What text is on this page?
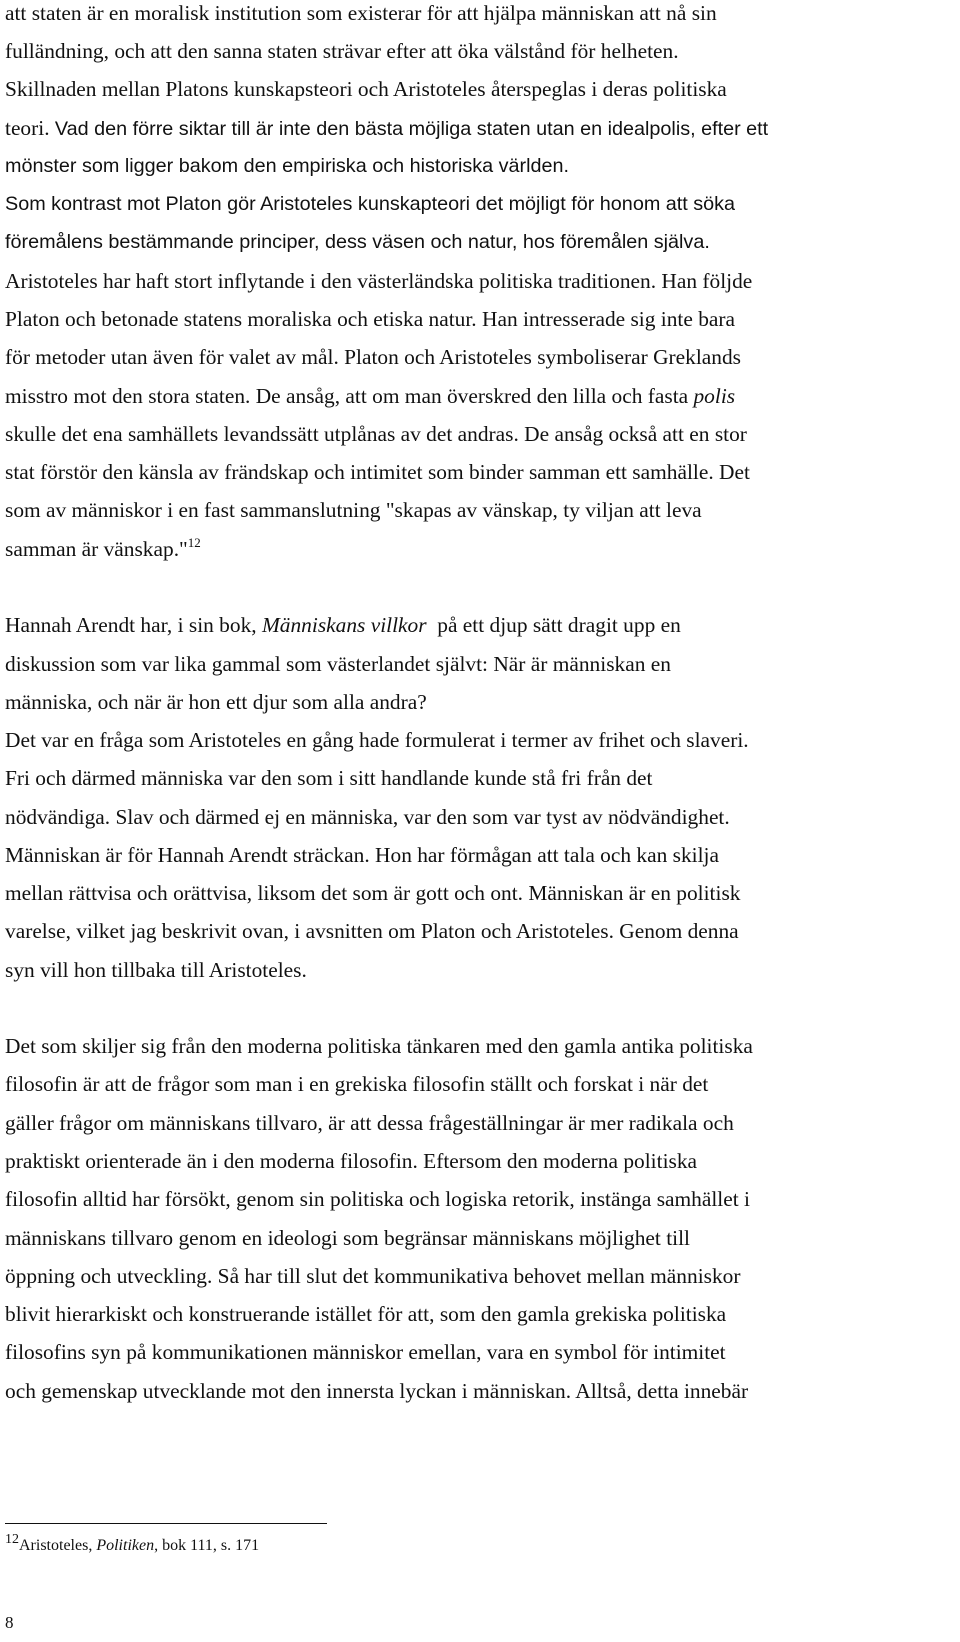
att staten är en moralisk institution som existerar för att hjälpa människan att nå sin
fulländning, och att den sanna staten strävar efter att öka välstånd för helheten.
Skillnaden mellan Platons kunskapsteori och Aristoteles återspeglas i deras politiska
teori. Vad den förre siktar till är inte den bästa möjliga staten utan en idealpolis, efter ett
mönster som ligger bakom den empiriska och historiska världen.
Som kontrast mot Platon gör Aristoteles kunskapteori det möjligt för honom att söka
föremålens bestämmande principer, dess väsen och natur, hos föremålen själva.
Aristoteles har haft stort inflytande i den västerländska politiska traditionen. Han följde
Platon och betonade statens moraliska och etiska natur. Han intresserade sig inte bara
för metoder utan även för valet av mål. Platon och Aristoteles symboliserar Greklands
misstro mot den stora staten. De ansåg, att om man överskred den lilla och fasta polis
skulle det ena samhällets levandssätt utplånas av det andras. De ansåg också att en stor
stat förstör den känsla av frändskap och intimitet som binder samman ett samhälle. Det
som av människor i en fast sammanslutning "skapas av vänskap, ty viljan att leva
samman är vänskap."$^{12}$
Hannah Arendt har, i sin bok, Människans villkor  på ett djup sätt dragit upp en
diskussion som var lika gammal som västerlandet självt: När är människan en
människa, och när är hon ett djur som alla andra?
Det var en fråga som Aristoteles en gång hade formulerat i termer av frihet och slaveri.
Fri och därmed människa var den som i sitt handlande kunde stå fri från det
nödvändiga. Slav och därmed ej en människa, var den som var tyst av nödvändighet.
Människan är för Hannah Arendt sträckan. Hon har förmågan att tala och kan skilja
mellan rättvisa och orättvisa, liksom det som är gott och ont. Människan är en politisk
varelse, vilket jag beskrivit ovan, i avsnitten om Platon och Aristoteles. Genom denna
syn vill hon tillbaka till Aristoteles.
Det som skiljer sig från den moderna politiska tänkaren med den gamla antika politiska
filosofin är att de frågor som man i en grekiska filosofin ställt och forskat i när det
gäller frågor om människans tillvaro, är att dessa frågeställningar är mer radikala och
praktiskt orienterade än i den moderna filosofin. Eftersom den moderna politiska
filosofin alltid har försökt, genom sin politiska och logiska retorik, instänga samhället i
människans tillvaro genom en ideologi som begränsar människans möjlighet till
öppning och utveckling. Så har till slut det kommunikativa behovet mellan människor
blivit hierarkiskt och konstruerande istället för att, som den gamla grekiska politiska
filosofins syn på kommunikationen människor emellan, vara en symbol för intimitet
och gemenskap utvecklande mot den innersta lyckan i människan. Alltså, detta innebär
$^{12}$Aristoteles, Politiken, bok 111, s. 171
8
